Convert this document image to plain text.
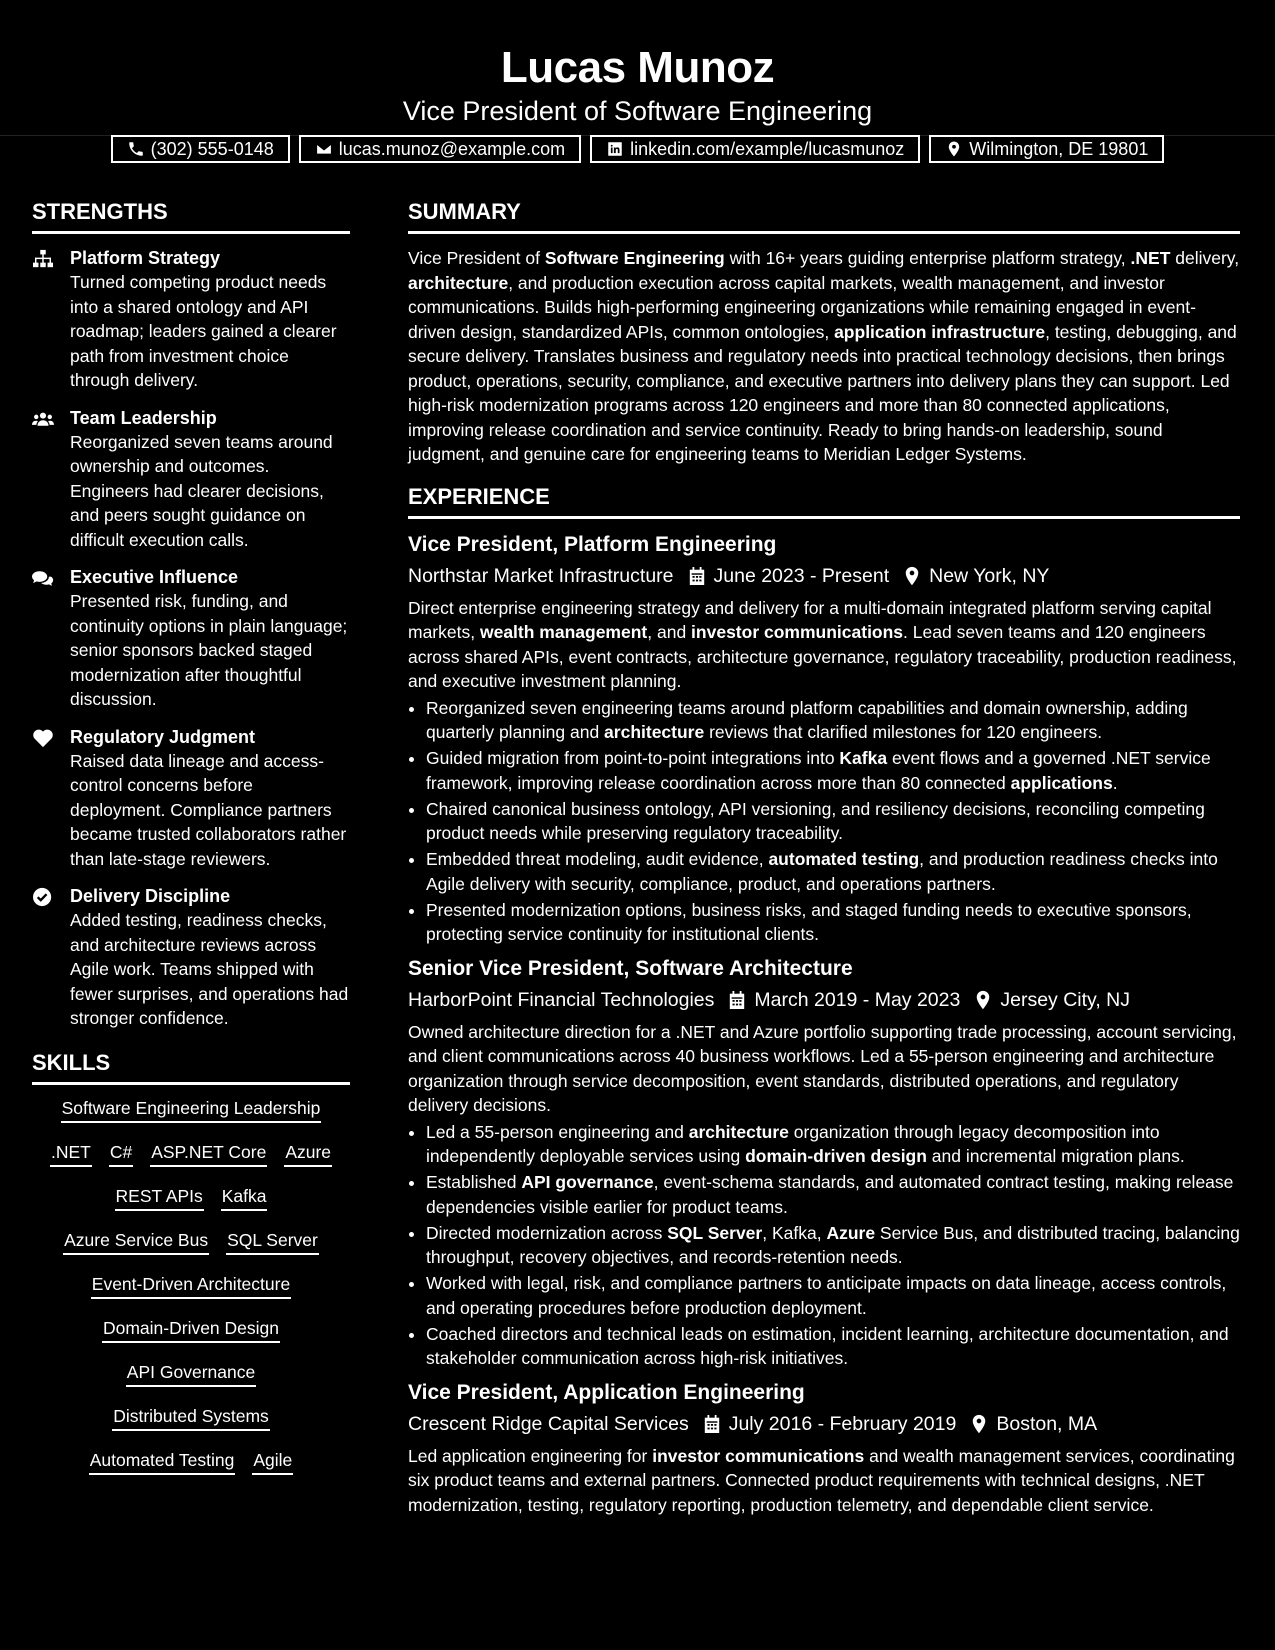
Lucas Munoz
Vice President of Software Engineering
(302) 555-0148	lucas.munoz@example.com	linkedin.com/example/lucasmunoz	Wilmington, DE 19801
STRENGTHS
Platform Strategy
Turned competing product needs into a shared ontology and API roadmap; leaders gained a clearer path from investment choice through delivery.
Team Leadership
Reorganized seven teams around ownership and outcomes. Engineers had clearer decisions, and peers sought guidance on difficult execution calls.
Executive Influence
Presented risk, funding, and continuity options in plain language; senior sponsors backed staged modernization after thoughtful discussion.
Regulatory Judgment
Raised data lineage and access-control concerns before deployment. Compliance partners became trusted collaborators rather than late-stage reviewers.
Delivery Discipline
Added testing, readiness checks, and architecture reviews across Agile work. Teams shipped with fewer surprises, and operations had stronger confidence.
SKILLS
Software Engineering Leadership
.NET C# ASP.NET Core Azure
REST APIs Kafka
Azure Service Bus SQL Server
Event-Driven Architecture
Domain-Driven Design
API Governance
Distributed Systems
Automated Testing Agile
SUMMARY
Vice President of Software Engineering with 16+ years guiding enterprise platform strategy, .NET delivery, architecture, and production execution across capital markets, wealth management, and investor communications. Builds high-performing engineering organizations while remaining engaged in event-driven design, standardized APIs, common ontologies, application infrastructure, testing, debugging, and secure delivery. Translates business and regulatory needs into practical technology decisions, then brings product, operations, security, compliance, and executive partners into delivery plans they can support. Led high-risk modernization programs across 120 engineers and more than 80 connected applications, improving release coordination and service continuity. Ready to bring hands-on leadership, sound judgment, and genuine care for engineering teams to Meridian Ledger Systems.
EXPERIENCE
Vice President, Platform Engineering
Northstar Market Infrastructure June 2023 - Present New York, NY
Direct enterprise engineering strategy and delivery for a multi-domain integrated platform serving capital markets, wealth management, and investor communications. Lead seven teams and 120 engineers across shared APIs, event contracts, architecture governance, regulatory traceability, production readiness, and executive investment planning.
• Reorganized seven engineering teams around platform capabilities and domain ownership, adding quarterly planning and architecture reviews that clarified milestones for 120 engineers.
• Guided migration from point-to-point integrations into Kafka event flows and a governed .NET service framework, improving release coordination across more than 80 connected applications.
• Chaired canonical business ontology, API versioning, and resiliency decisions, reconciling competing product needs while preserving regulatory traceability.
• Embedded threat modeling, audit evidence, automated testing, and production readiness checks into Agile delivery with security, compliance, product, and operations partners.
• Presented modernization options, business risks, and staged funding needs to executive sponsors, protecting service continuity for institutional clients.
Senior Vice President, Software Architecture
HarborPoint Financial Technologies March 2019 - May 2023 Jersey City, NJ
Owned architecture direction for a .NET and Azure portfolio supporting trade processing, account servicing, and client communications across 40 business workflows. Led a 55-person engineering and architecture organization through service decomposition, event standards, distributed operations, and regulatory delivery decisions.
• Led a 55-person engineering and architecture organization through legacy decomposition into independently deployable services using domain-driven design and incremental migration plans.
• Established API governance, event-schema standards, and automated contract testing, making release dependencies visible earlier for product teams.
• Directed modernization across SQL Server, Kafka, Azure Service Bus, and distributed tracing, balancing throughput, recovery objectives, and records-retention needs.
• Worked with legal, risk, and compliance partners to anticipate impacts on data lineage, access controls, and operating procedures before production deployment.
• Coached directors and technical leads on estimation, incident learning, architecture documentation, and stakeholder communication across high-risk initiatives.
Vice President, Application Engineering
Crescent Ridge Capital Services July 2016 - February 2019 Boston, MA
Led application engineering for investor communications and wealth management services, coordinating six product teams and external partners. Connected product requirements with technical designs, .NET modernization, testing, regulatory reporting, production telemetry, and dependable client service.
